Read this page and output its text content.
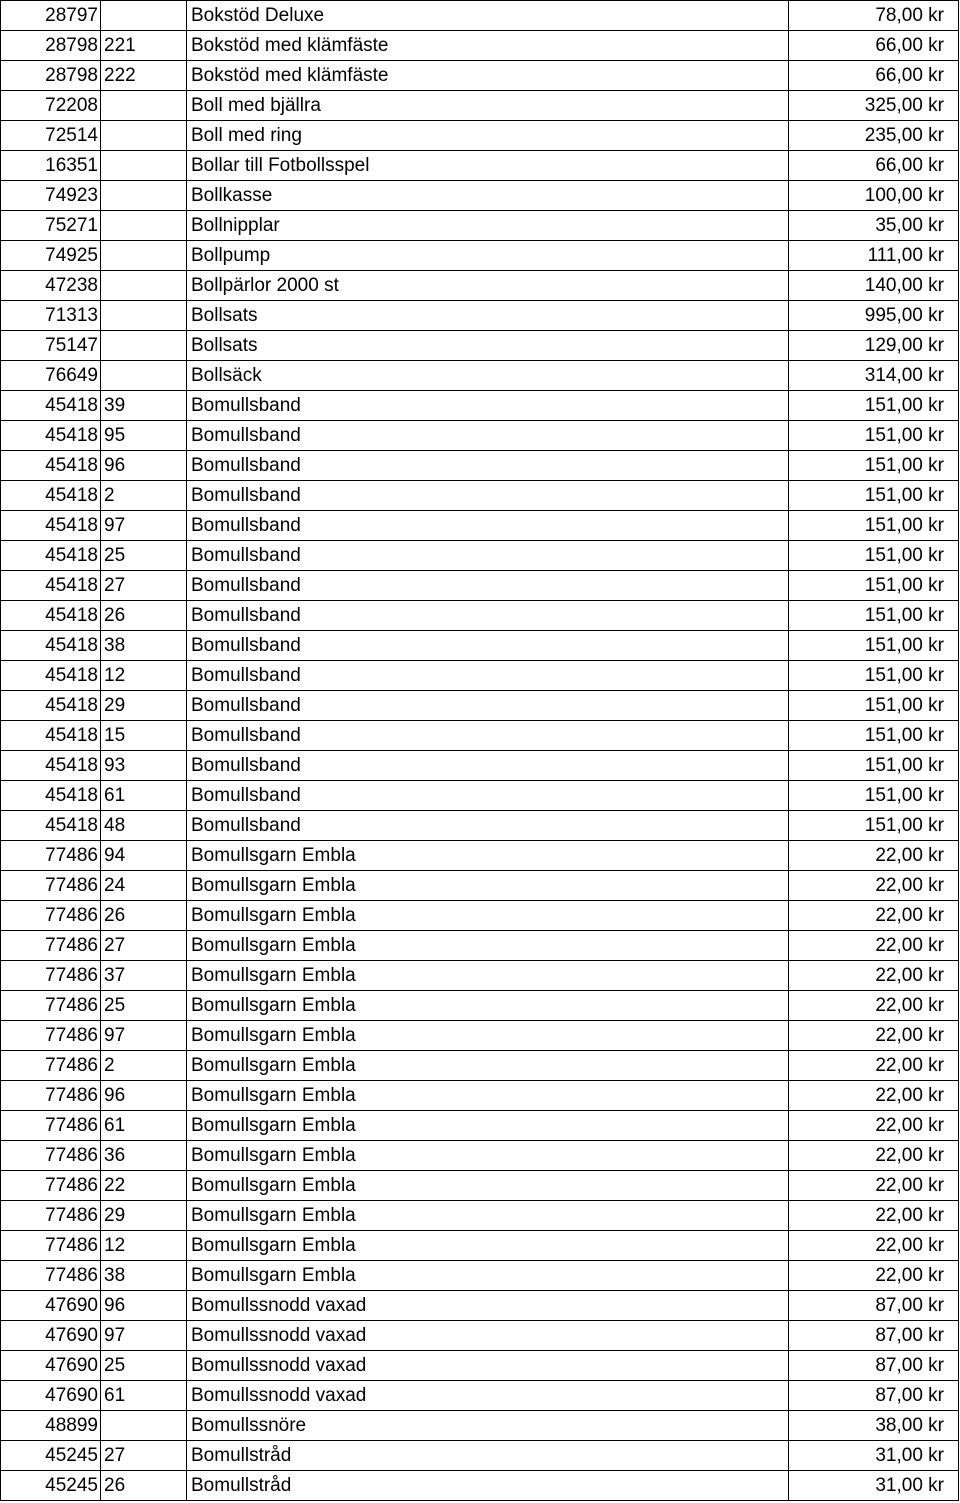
28797		Bokstöd Deluxe	78,00 kr
28798	221	Bokstöd med klämfäste	66,00 kr
28798	222	Bokstöd med klämfäste	66,00 kr
72208		Boll med bjällra	325,00 kr
72514		Boll med ring	235,00 kr
16351		Bollar till Fotbollsspel	66,00 kr
74923		Bollkasse	100,00 kr
75271		Bollnipplar	35,00 kr
74925		Bollpump	111,00 kr
47238		Bollpärlor 2000 st	140,00 kr
71313		Bollsats	995,00 kr
75147		Bollsats	129,00 kr
76649		Bollsäck	314,00 kr
45418	39	Bomullsband	151,00 kr
45418	95	Bomullsband	151,00 kr
45418	96	Bomullsband	151,00 kr
45418	2	Bomullsband	151,00 kr
45418	97	Bomullsband	151,00 kr
45418	25	Bomullsband	151,00 kr
45418	27	Bomullsband	151,00 kr
45418	26	Bomullsband	151,00 kr
45418	38	Bomullsband	151,00 kr
45418	12	Bomullsband	151,00 kr
45418	29	Bomullsband	151,00 kr
45418	15	Bomullsband	151,00 kr
45418	93	Bomullsband	151,00 kr
45418	61	Bomullsband	151,00 kr
45418	48	Bomullsband	151,00 kr
77486	94	Bomullsgarn Embla	22,00 kr
77486	24	Bomullsgarn Embla	22,00 kr
77486	26	Bomullsgarn Embla	22,00 kr
77486	27	Bomullsgarn Embla	22,00 kr
77486	37	Bomullsgarn Embla	22,00 kr
77486	25	Bomullsgarn Embla	22,00 kr
77486	97	Bomullsgarn Embla	22,00 kr
77486	2	Bomullsgarn Embla	22,00 kr
77486	96	Bomullsgarn Embla	22,00 kr
77486	61	Bomullsgarn Embla	22,00 kr
77486	36	Bomullsgarn Embla	22,00 kr
77486	22	Bomullsgarn Embla	22,00 kr
77486	29	Bomullsgarn Embla	22,00 kr
77486	12	Bomullsgarn Embla	22,00 kr
77486	38	Bomullsgarn Embla	22,00 kr
47690	96	Bomullssnodd vaxad	87,00 kr
47690	97	Bomullssnodd vaxad	87,00 kr
47690	25	Bomullssnodd vaxad	87,00 kr
47690	61	Bomullssnodd vaxad	87,00 kr
48899		Bomullssnöre	38,00 kr
45245	27	Bomullstråd	31,00 kr
45245	26	Bomullstråd	31,00 kr
